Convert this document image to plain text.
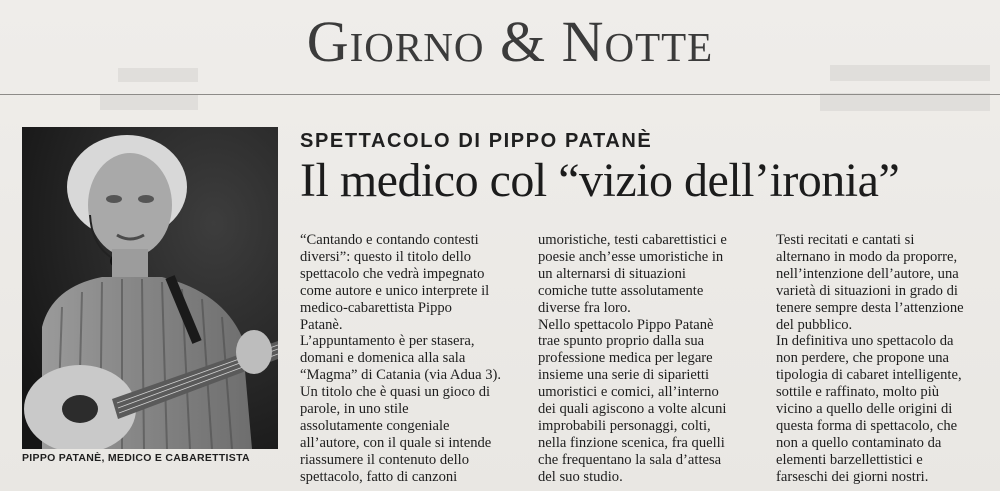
Giorno & Notte
PIPPO PATANÈ, MEDICO E CABARETTISTA
SPETTACOLO DI PIPPO PATANÈ
Il medico col “vizio dell’ironia”
“Cantando e contando contesti
diversi”: questo il titolo dello
spettacolo che vedrà impegnato
come autore e unico interprete il
medico-cabarettista Pippo
Patanè.
L’appuntamento è per stasera,
domani e domenica alla sala
“Magma” di Catania (via Adua 3).
Un titolo che è quasi un gioco di
parole, in uno stile
assolutamente congeniale
all’autore, con il quale si intende
riassumere il contenuto dello
spettacolo, fatto di canzoni
umoristiche, testi cabarettistici e
poesie anch’esse umoristiche in
un alternarsi di situazioni
comiche tutte assolutamente
diverse fra loro.
Nello spettacolo Pippo Patanè
trae spunto proprio dalla sua
professione medica per legare
insieme una serie di siparietti
umoristici e comici, all’interno
dei quali agiscono a volte alcuni
improbabili personaggi, colti,
nella finzione scenica, fra quelli
che frequentano la sala d’attesa
del suo studio.
Testi recitati e cantati si
alternano in modo da proporre,
nell’intenzione dell’autore, una
varietà di situazioni in grado di
tenere sempre desta l’attenzione
del pubblico.
In definitiva uno spettacolo da
non perdere, che propone una
tipologia di cabaret intelligente,
sottile e raffinato, molto più
vicino a quello delle origini di
questa forma di spettacolo, che
non a quello contaminato da
elementi barzellettistici e
farseschi dei giorni nostri.
